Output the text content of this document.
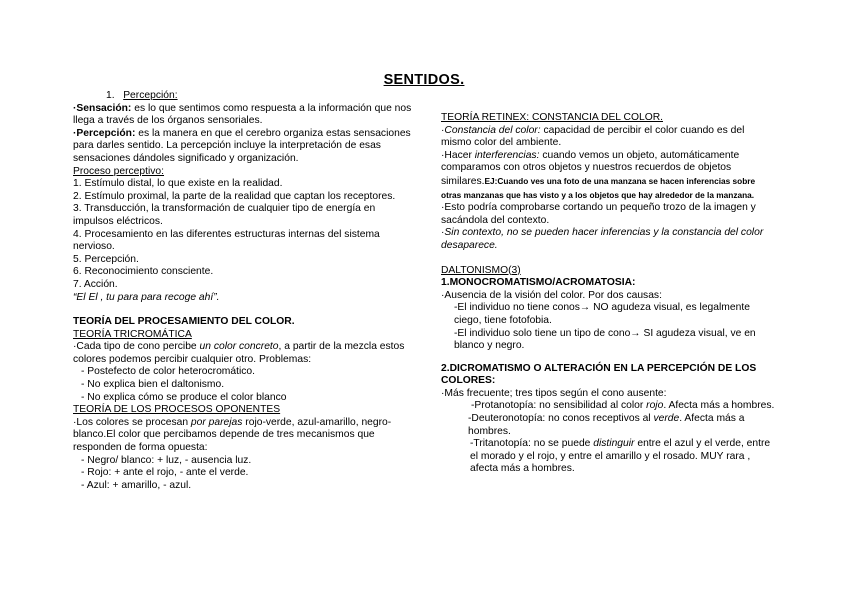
SENTIDOS.
1. Percepción:
·Sensación: es lo que sentimos como respuesta a la información que nos llega a través de los órganos sensoriales.
·Percepción: es la manera en que el cerebro organiza estas sensaciones para darles sentido. La percepción incluye la interpretación de esas sensaciones dándoles significado y organización.
Proceso perceptivo:
1. Estímulo distal, lo que existe en la realidad.
2. Estímulo proximal, la parte de la realidad que captan los receptores.
3. Transducción, la transformación de cualquier tipo de energía en impulsos eléctricos.
4. Procesamiento en las diferentes estructuras internas del sistema nervioso.
5. Percepción.
6. Reconocimiento consciente.
7. Acción.
“El El , tu para para recoge ahí”.
TEORÍA DEL PROCESAMIENTO DEL COLOR.
TEORÍA TRICROMÁTICA
·Cada tipo de cono percibe un color concreto, a partir de la mezcla estos colores podemos percibir cualquier otro. Problemas:
- Postefecto de color heterocromático.
- No explica bien el daltonismo.
- No explica cómo se produce el color blanco
TEORÍA DE LOS PROCESOS OPONENTES
·Los colores se procesan por parejas rojo-verde, azul-amarillo, negro-blanco.El color que percibamos depende de tres mecanismos que responden de forma opuesta:
- Negro/ blanco: + luz, - ausencia luz.
- Rojo: + ante el rojo, - ante el verde.
- Azul: + amarillo, - azul.
TEORÍA RETINEX: CONSTANCIA DEL COLOR.
·Constancia del color: capacidad de percibir el color cuando es del mismo color del ambiente.
·Hacer interferencias: cuando vemos un objeto, automáticamente comparamos con otros objetos y nuestros recuerdos de objetos similares.EJ:Cuando ves una foto de una manzana se hacen inferencias sobre otras manzanas que has visto y a los objetos que hay alrededor de la manzana.
·Esto podría comprobarse cortando un pequeño trozo de la imagen y sacándola del contexto.
·Sin contexto, no se pueden hacer inferencias y la constancia del color desaparece.
DALTONISMO(3)
1.MONOCROMATISMO/ACROMATOSIA:
·Ausencia de la visión del color. Por dos causas:
-El individuo no tiene conos→ NO agudeza visual, es legalmente ciego, tiene fotofobia.
-El individuo solo tiene un tipo de cono→ SI agudeza visual, ve en blanco y negro.
2.DICROMATISMO O ALTERACIÓN EN LA PERCEPCIÓN DE LOS COLORES:
·Más frecuente; tres tipos según el cono ausente:
-Protanotopía: no sensibilidad al color rojo. Afecta más a hombres.
-Deuteronotopía: no conos receptivos al verde. Afecta más a hombres.
-Tritanotopía: no se puede distinguir entre el azul y el verde, entre el morado y el rojo, y entre el amarillo y el rosado. MUY rara , afecta más a hombres.
